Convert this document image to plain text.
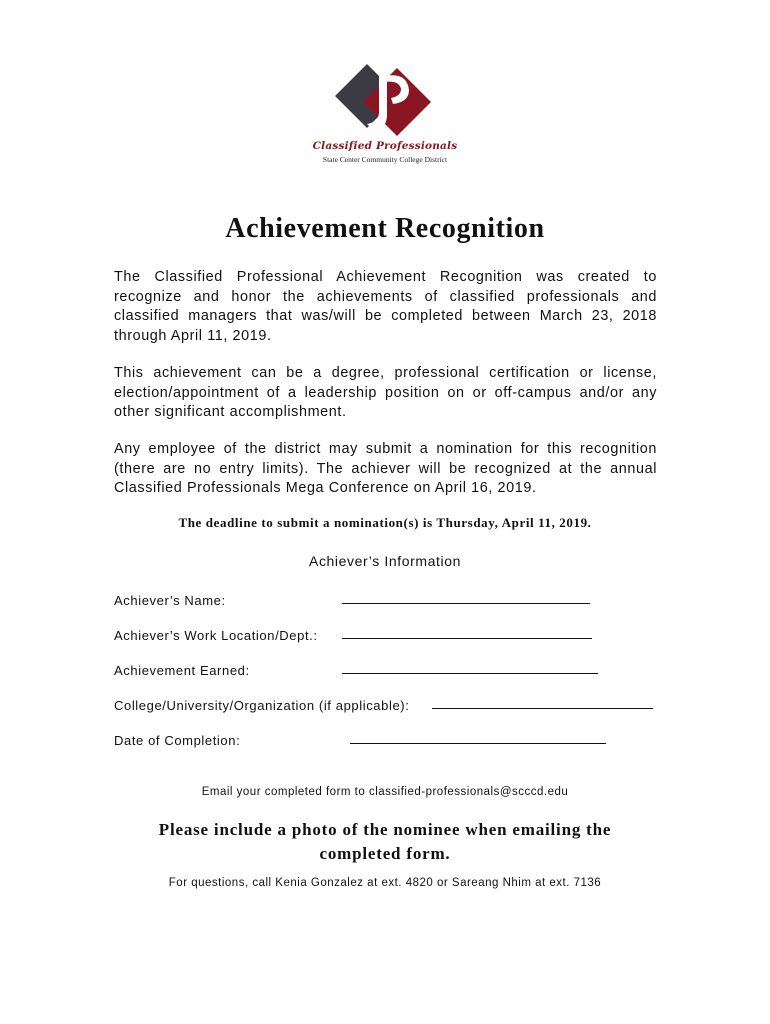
Classified Professionals
State Center Community College District
Achievement Recognition
The Classified Professional Achievement Recognition was created to recognize and honor the achievements of classified professionals and classified managers that was/will be completed between March 23, 2018 through April 11, 2019.
This achievement can be a degree, professional certification or license, election/appointment of a leadership position on or off-campus and/or any other significant accomplishment.
Any employee of the district may submit a nomination for this recognition (there are no entry limits). The achiever will be recognized at the annual Classified Professionals Mega Conference on April 16, 2019.
The deadline to submit a nomination(s) is Thursday, April 11, 2019.
Achiever’s Information
Achiever’s Name:
Achiever’s Work Location/Dept.:
Achievement Earned:
College/University/Organization (if applicable):
Date of Completion:
Email your completed form to classified-professionals@scccd.edu
Please include a photo of the nominee when emailing the completed form.
For questions, call Kenia Gonzalez at ext. 4820 or Sareang Nhim at ext. 7136
